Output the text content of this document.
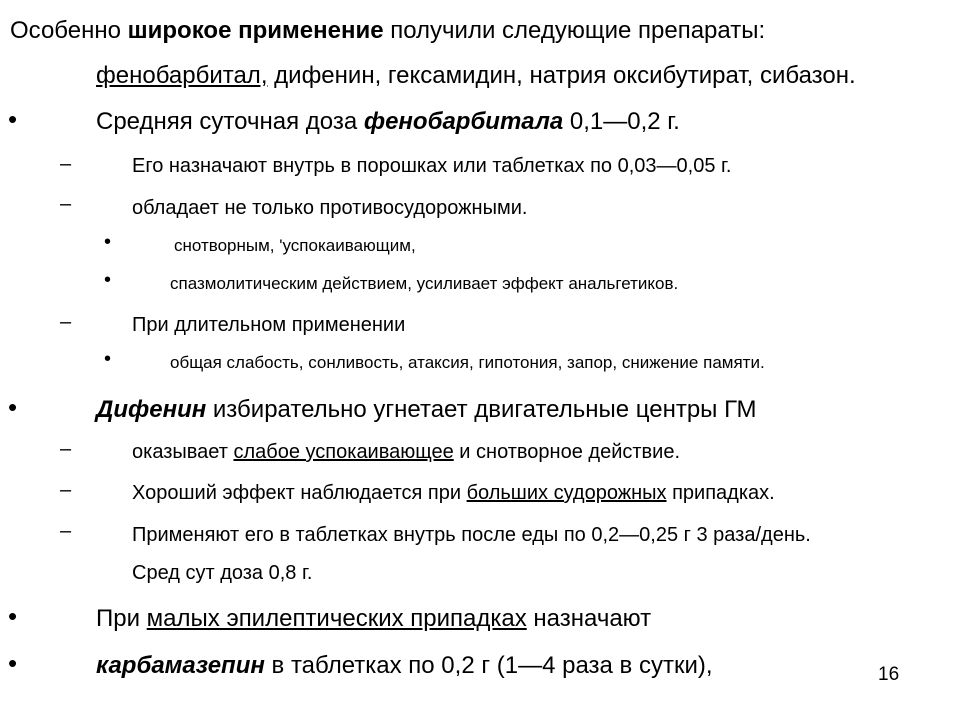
Особенно широкое применение получили следующие препараты:
фенобарбитал, дифенин, гексамидин, натрия оксибутират, сибазон.
•	Средняя суточная доза фенобарбитала 0,1—0,2 г.
–	Его назначают внутрь в порошках или таблетках по 0,03—0,05 г.
–	обладает не только противосудорожными.
•	снотворным, 'успокаивающим,
•	спазмолитическим действием, усиливает эффект анальгетиков.
–	При длительном применении
•	общая слабость, сонливость, атаксия, гипотония, запор, снижение памяти.
•	Дифенин избирательно угнетает двигательные центры ГМ
–	оказывает слабое успокаивающее и снотворное действие.
–	Хороший эффект наблюдается при больших судорожных припадках.
–	Применяют его в таблетках внутрь после еды по 0,2—0,25 г 3 раза/день.
Сред сут доза 0,8 г.
•	При малых эпилептических припадках назначают
•	карбамазепин в таблетках по 0,2 г (1—4 раза в сутки),	16
